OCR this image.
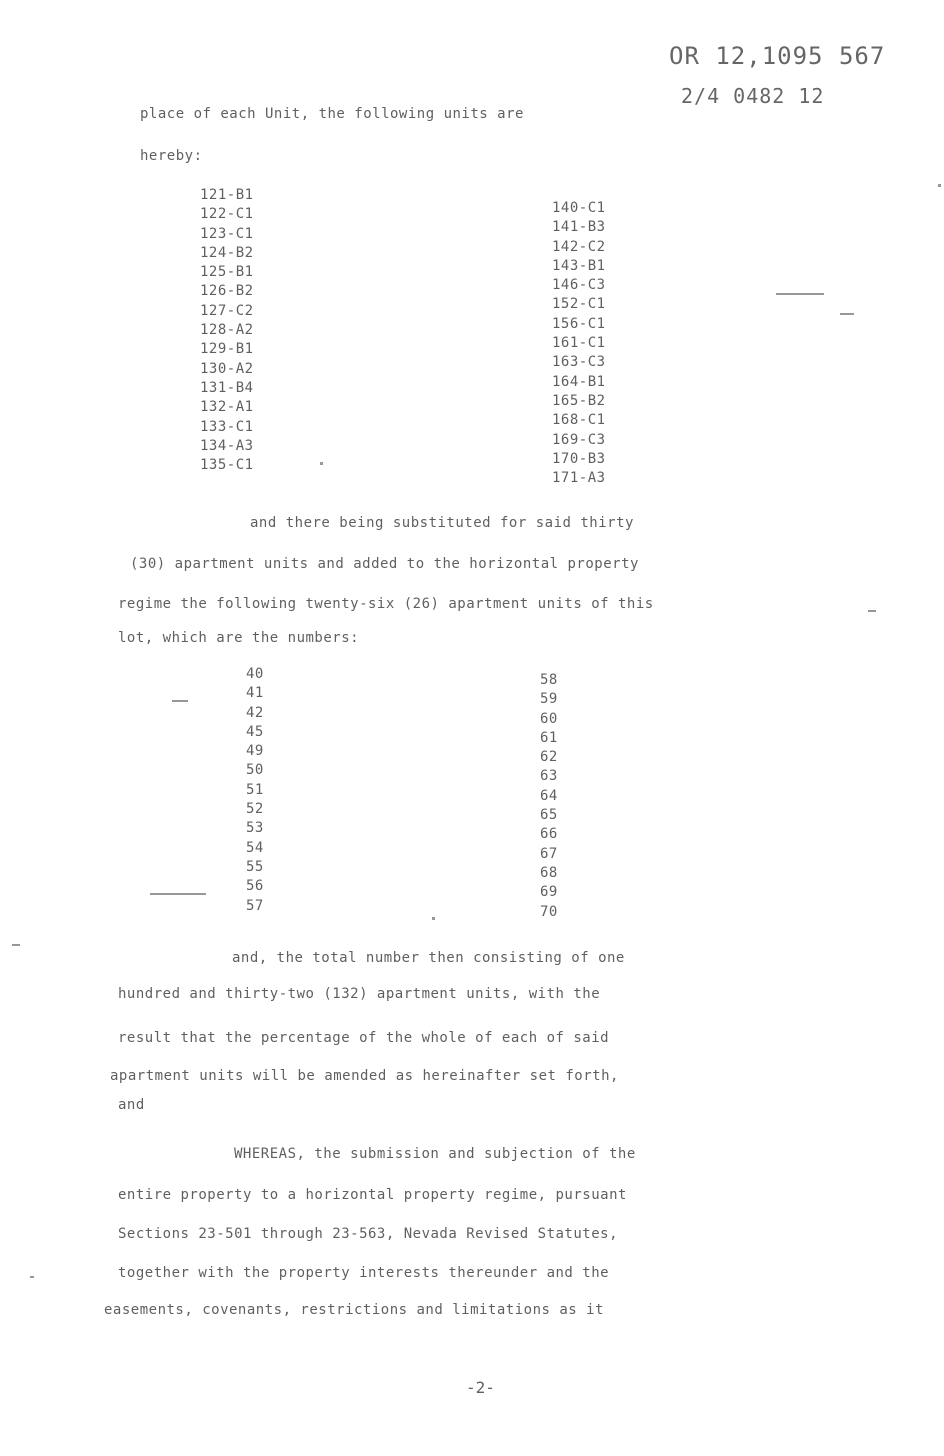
OR 12,1095 567
2/4 0482 12
place of each Unit, the following units are
hereby:
121-B1
122-C1
123-C1
124-B2
125-B1
126-B2
127-C2
128-A2
129-B1
130-A2
131-B4
132-A1
133-C1
134-A3
135-C1
140-C1
141-B3
142-C2
143-B1
146-C3
152-C1
156-C1
161-C1
163-C3
164-B1
165-B2
168-C1
169-C3
170-B3
171-A3
and there being substituted for said thirty
(30) apartment units and added to the horizontal property
regime the following twenty-six (26) apartment units of this
lot, which are the numbers:
40
41
42
45
49
50
51
52
53
54
55
56
57
58
59
60
61
62
63
64
65
66
67
68
69
70
and, the total number then consisting of one
hundred and thirty-two (132) apartment units, with the
result that the percentage of the whole of each of said
apartment units will be amended as hereinafter set forth,
and
WHEREAS, the submission and subjection of the
entire property to a horizontal property regime, pursuant
Sections 23-501 through 23-563, Nevada Revised Statutes,
together with the property interests thereunder and the
easements, covenants, restrictions and limitations as it
-2-
